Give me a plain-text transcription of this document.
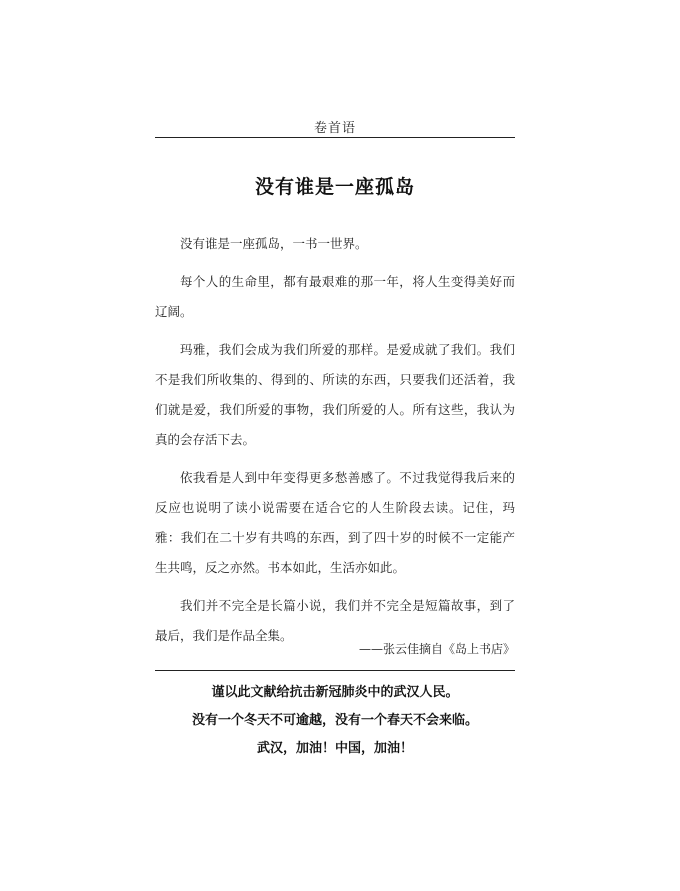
卷首语
没有谁是一座孤岛

没有谁是一座孤岛，一书一世界。

每个人的生命里，都有最艰难的那一年，将人生变得美好而辽阔。

玛雅，我们会成为我们所爱的那样。是爱成就了我们。我们不是我们所收集的、得到的、所读的东西，只要我们还活着，我们就是爱，我们所爱的事物，我们所爱的人。所有这些，我认为真的会存活下去。

依我看是人到中年变得更多愁善感了。不过我觉得我后来的反应也说明了读小说需要在适合它的人生阶段去读。记住，玛雅：我们在二十岁有共鸣的东西，到了四十岁的时候不一定能产生共鸣，反之亦然。书本如此，生活亦如此。

我们并不完全是长篇小说，我们并不完全是短篇故事，到了最后，我们是作品全集。

——张云佳摘自《岛上书店》
谨以此文献给抗击新冠肺炎中的武汉人民。
没有一个冬天不可逾越，没有一个春天不会来临。
武汉，加油！中国，加油！
